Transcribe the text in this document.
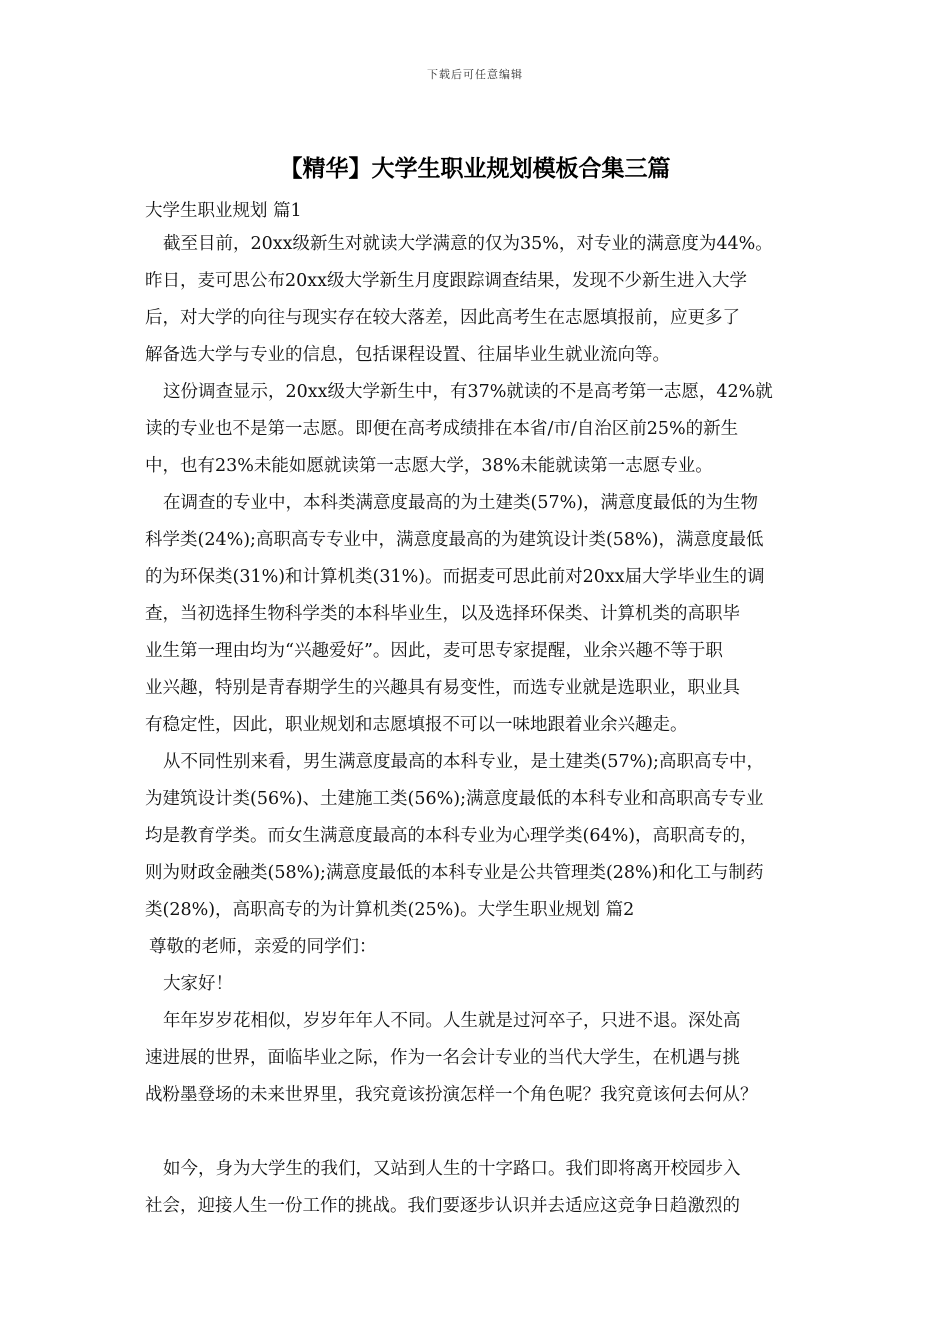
下载后可任意编辑
【精华】大学生职业规划模板合集三篇
大学生职业规划 篇1
截至目前，20xx级新生对就读大学满意的仅为35%，对专业的满意度为44%。
昨日，麦可思公布20xx级大学新生月度跟踪调查结果，发现不少新生进入大学
后，对大学的向往与现实存在较大落差，因此高考生在志愿填报前，应更多了
解备选大学与专业的信息，包括课程设置、往届毕业生就业流向等。
这份调查显示，20xx级大学新生中，有37%就读的不是高考第一志愿，42%就
读的专业也不是第一志愿。即便在高考成绩排在本省/市/自治区前25%的新生
中，也有23%未能如愿就读第一志愿大学，38%未能就读第一志愿专业。
在调查的专业中，本科类满意度最高的为土建类(57%)，满意度最低的为生物
科学类(24%);高职高专专业中，满意度最高的为建筑设计类(58%)，满意度最低
的为环保类(31%)和计算机类(31%)。而据麦可思此前对20xx届大学毕业生的调
查，当初选择生物科学类的本科毕业生，以及选择环保类、计算机类的高职毕
业生第一理由均为“兴趣爱好”。因此，麦可思专家提醒，业余兴趣不等于职
业兴趣，特别是青春期学生的兴趣具有易变性，而选专业就是选职业，职业具
有稳定性，因此，职业规划和志愿填报不可以一味地跟着业余兴趣走。
从不同性别来看，男生满意度最高的本科专业，是土建类(57%);高职高专中，
为建筑设计类(56%)、土建施工类(56%);满意度最低的本科专业和高职高专专业
均是教育学类。而女生满意度最高的本科专业为心理学类(64%)，高职高专的，
则为财政金融类(58%);满意度最低的本科专业是公共管理类(28%)和化工与制药
类(28%)，高职高专的为计算机类(25%)。大学生职业规划 篇2
尊敬的老师，亲爱的同学们：
大家好！
年年岁岁花相似，岁岁年年人不同。人生就是过河卒子，只进不退。深处高
速进展的世界，面临毕业之际，作为一名会计专业的当代大学生，在机遇与挑
战粉墨登场的未来世界里，我究竟该扮演怎样一个角色呢？我究竟该何去何从？
如今，身为大学生的我们，又站到人生的十字路口。我们即将离开校园步入
社会，迎接人生一份工作的挑战。我们要逐步认识并去适应这竞争日趋激烈的
